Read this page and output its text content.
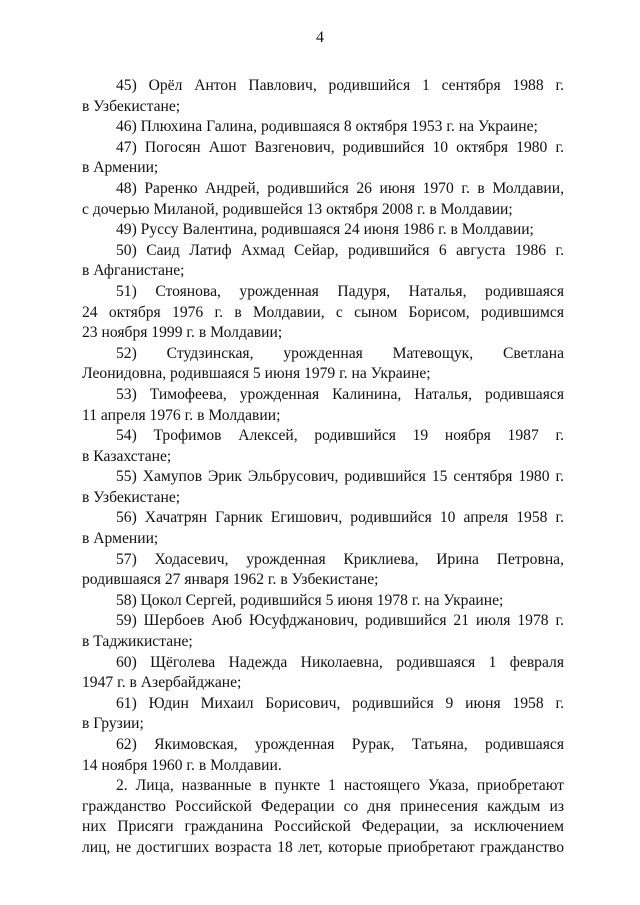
4
45) Орёл Антон Павлович, родившийся 1 сентября 1988 г.
в Узбекистане;
46) Плюхина Галина, родившаяся 8 октября 1953 г. на Украине;
47) Погосян Ашот Вазгенович, родившийся 10 октября 1980 г.
в Армении;
48) Раренко Андрей, родившийся 26 июня 1970 г. в Молдавии,
с дочерью Миланой, родившейся 13 октября 2008 г. в Молдавии;
49) Руссу Валентина, родившаяся 24 июня 1986 г. в Молдавии;
50) Саид Латиф Ахмад Сейар, родившийся 6 августа 1986 г.
в Афганистане;
51) Стоянова, урожденная Падуря, Наталья, родившаяся
24 октября 1976 г. в Молдавии, с сыном Борисом, родившимся
23 ноября 1999 г. в Молдавии;
52) Студзинская, урожденная Матевощук, Светлана
Леонидовна, родившаяся 5 июня 1979 г. на Украине;
53) Тимофеева, урожденная Калинина, Наталья, родившаяся
11 апреля 1976 г. в Молдавии;
54) Трофимов Алексей, родившийся 19 ноября 1987 г.
в Казахстане;
55) Хамупов Эрик Эльбрусович, родившийся 15 сентября 1980 г.
в Узбекистане;
56) Хачатрян Гарник Егишович, родившийся 10 апреля 1958 г.
в Армении;
57) Ходасевич, урожденная Криклиева, Ирина Петровна,
родившаяся 27 января 1962 г. в Узбекистане;
58) Цокол Сергей, родившийся 5 июня 1978 г. на Украине;
59) Шербоев Аюб Юсуфджанович, родившийся 21 июля 1978 г.
в Таджикистане;
60) Щёголева Надежда Николаевна, родившаяся 1 февраля
1947 г. в Азербайджане;
61) Юдин Михаил Борисович, родившийся 9 июня 1958 г.
в Грузии;
62) Якимовская, урожденная Рурак, Татьяна, родившаяся
14 ноября 1960 г. в Молдавии.
2. Лица, названные в пункте 1 настоящего Указа, приобретают
гражданство Российской Федерации со дня принесения каждым из
них Присяги гражданина Российской Федерации, за исключением
лиц, не достигших возраста 18 лет, которые приобретают гражданство
